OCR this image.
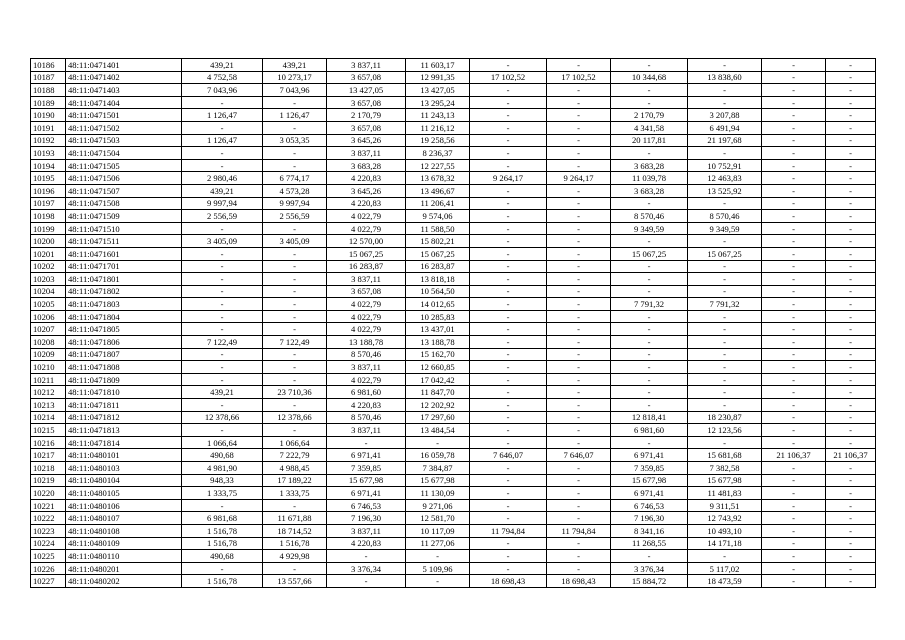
10186	48:11:0471401	439,21	439,21	3 837,11	11 603,17	-	-	-	-	-	-
10187	48:11:0471402	4 752,58	10 273,17	3 657,08	12 991,35	17 102,52	17 102,52	10 344,68	13 838,60	-	-
10188	48:11:0471403	7 043,96	7 043,96	13 427,05	13 427,05	-	-	-	-	-	-
10189	48:11:0471404	-	-	3 657,08	13 295,24	-	-	-	-	-	-
10190	48:11:0471501	1 126,47	1 126,47	2 170,79	11 243,13	-	-	2 170,79	3 207,88	-	-
10191	48:11:0471502	-	-	3 657,08	11 216,12	-	-	4 341,58	6 491,94	-	-
10192	48:11:0471503	1 126,47	3 053,35	3 645,26	19 258,56	-	-	20 117,81	21 197,68	-	-
10193	48:11:0471504	-	-	3 837,11	8 236,37	-	-	-	-	-	-
10194	48:11:0471505	-	-	3 683,28	12 227,55	-	-	3 683,28	10 752,91	-	-
10195	48:11:0471506	2 980,46	6 774,17	4 220,83	13 678,32	9 264,17	9 264,17	11 039,78	12 463,83	-	-
10196	48:11:0471507	439,21	4 573,28	3 645,26	13 496,67	-	-	3 683,28	13 525,92	-	-
10197	48:11:0471508	9 997,94	9 997,94	4 220,83	11 206,41	-	-	-	-	-	-
10198	48:11:0471509	2 556,59	2 556,59	4 022,79	9 574,06	-	-	8 570,46	8 570,46	-	-
10199	48:11:0471510	-	-	4 022,79	11 588,50	-	-	9 349,59	9 349,59	-	-
10200	48:11:0471511	3 405,09	3 405,09	12 570,00	15 802,21	-	-	-	-	-	-
10201	48:11:0471601	-	-	15 067,25	15 067,25	-	-	15 067,25	15 067,25	-	-
10202	48:11:0471701	-	-	16 283,87	16 283,87	-	-	-	-	-	-
10203	48:11:0471801	-	-	3 837,11	13 818,18	-	-	-	-	-	-
10204	48:11:0471802	-	-	3 657,08	10 564,50	-	-	-	-	-	-
10205	48:11:0471803	-	-	4 022,79	14 012,65	-	-	7 791,32	7 791,32	-	-
10206	48:11:0471804	-	-	4 022,79	10 285,83	-	-	-	-	-	-
10207	48:11:0471805	-	-	4 022,79	13 437,01	-	-	-	-	-	-
10208	48:11:0471806	7 122,49	7 122,49	13 188,78	13 188,78	-	-	-	-	-	-
10209	48:11:0471807	-	-	8 570,46	15 162,70	-	-	-	-	-	-
10210	48:11:0471808	-	-	3 837,11	12 660,85	-	-	-	-	-	-
10211	48:11:0471809	-	-	4 022,79	17 042,42	-	-	-	-	-	-
10212	48:11:0471810	439,21	23 710,36	6 981,60	11 847,70	-	-	-	-	-	-
10213	48:11:0471811	-	-	4 220,83	12 202,92	-	-	-	-	-	-
10214	48:11:0471812	12 378,66	12 378,66	8 570,46	17 297,60	-	-	12 818,41	18 230,87	-	-
10215	48:11:0471813	-	-	3 837,11	13 484,54	-	-	6 981,60	12 123,56	-	-
10216	48:11:0471814	1 066,64	1 066,64	-	-	-	-	-	-	-	-
10217	48:11:0480101	490,68	7 222,79	6 971,41	16 059,78	7 646,07	7 646,07	6 971,41	15 681,68	21 106,37	21 106,37
10218	48:11:0480103	4 981,90	4 988,45	7 359,85	7 384,87	-	-	7 359,85	7 382,58	-	-
10219	48:11:0480104	948,33	17 189,22	15 677,98	15 677,98	-	-	15 677,98	15 677,98	-	-
10220	48:11:0480105	1 333,75	1 333,75	6 971,41	11 130,09	-	-	6 971,41	11 481,83	-	-
10221	48:11:0480106	-	-	6 746,53	9 271,06	-	-	6 746,53	9 311,51	-	-
10222	48:11:0480107	6 981,68	11 671,88	7 196,30	12 581,70	-	-	7 196,30	12 743,92	-	-
10223	48:11:0480108	1 516,78	18 714,52	3 837,11	10 117,09	11 794,84	11 794,84	8 341,16	10 493,10	-	-
10224	48:11:0480109	1 516,78	1 516,78	4 220,83	11 277,06	-	-	11 268,55	14 171,18	-	-
10225	48:11:0480110	490,68	4 929,98	-	-	-	-	-	-	-	-
10226	48:11:0480201	-	-	3 376,34	5 109,96	-	-	3 376,34	5 117,02	-	-
10227	48:11:0480202	1 516,78	13 557,66	-	-	18 698,43	18 698,43	15 884,72	18 473,59	-	-
